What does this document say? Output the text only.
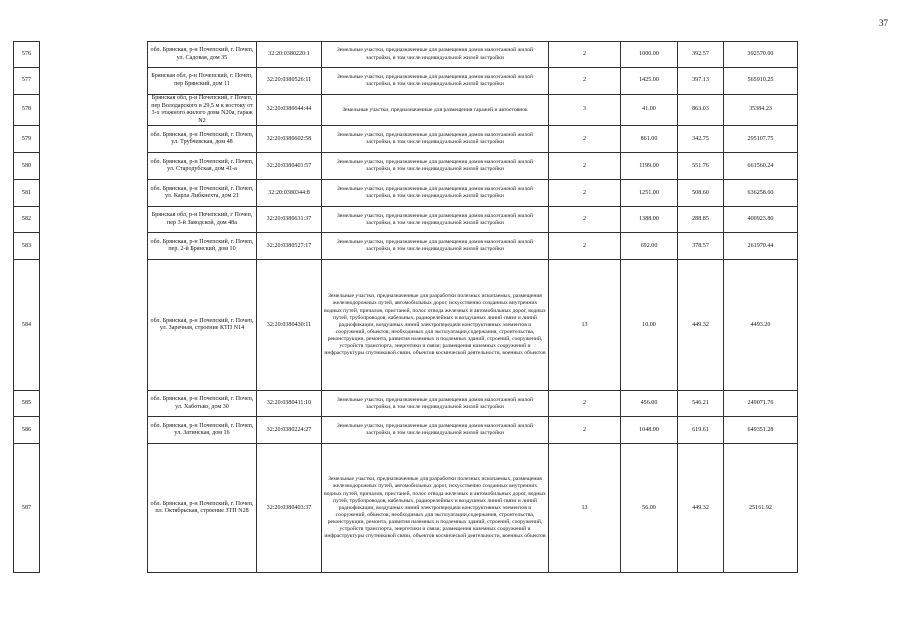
37
576		обл. Брянская, р-н Почепский, г. Почеп, ул. Садовая, дом 35	32:20:0380220:1	Земельные участки, предназначенные для размещения домов малоэтажной жилой застройки, в том числе индивидуальной жилой застройки	2	1000.00	392.57	392570.00
577		Брянская обл, р-н Почепский, г. Почеп, пер Брянский, дом 11	32:20:0380526:11	Земельные участки, предназначенные для размещения домов малоэтажной жилой застройки, в том числе индивидуальной жилой застройки	2	1425.00	397.13	565910.25
578		Брянская обл, р-н Почепский, г Почеп, пер Володарского в 29,5 м к востоку от 3-х этажного жилого дома N20а, гараж N2	32:20:0380644:44	Земельные участки, предназначенные для размещения гаражей и автостоянок	3	41.00	863.03	35384.23
579		обл. Брянская, р-н Почепский, г. Почеп, ул. Трубчевская, дом 48	32:20:0380602:58	Земельные участки, предназначенные для размещения домов малоэтажной жилой застройки, в том числе индивидуальной жилой застройки	2	861.00	342.75	295107.75
580		обл. Брянская, р-н Почепский, г. Почеп, ул. Стародубская, дом 41-а	32:20:0380401:57	Земельные участки, предназначенные для размещения домов малоэтажной жилой застройки, в том числе индивидуальной жилой застройки	2	1199.00	551.76	661560.24
581		обл. Брянская, р-н Почепский, г. Почеп, ул. Карла Либкнехта, дом 21	32:20:0380344:8	Земельные участки, предназначенные для размещения домов малоэтажной жилой застройки, в том числе индивидуальной жилой застройки	2	1251.00	508.60	636258.60
582		Брянская обл, р-н Почепский, г Почеп, пер 3-й Заводской, дом 48а	32:20:0380631:37	Земельные участки, предназначенные для размещения домов малоэтажной жилой застройки, в том числе индивидуальной жилой застройки	2	1388.00	288.85	400923.80
583		обл. Брянская, р-н Почепский, г. Почеп, пер. 2-й Брянский, дом 10	32:20:0380527:17	Земельные участки, предназначенные для размещения домов малоэтажной жилой застройки, в том числе индивидуальной жилой застройки	2	692.00	378.57	261970.44
584		обл. Брянская, р-н Почепский, г. Почеп, ул. Заречная, строение КТП N14	32:20:0380430:11	Земельные участки, предназначенные для разработки полезных ископаемых, размещения железнодорожных путей, автомобильных дорог, искусственно созданных внутренних водных путей, причалов, пристаней, полос отвода железных и автомобильных дорог, водных путей, трубопроводов, кабельных, радиорелейных и воздушных линий связи и линий радиофикации, воздушных линий электропередачи конструктивных элементов и сооружений, объектов, необходимых для эксплуатации,содержания, строительства, реконструкции, ремонта, развития наземных и подземных зданий, строений, сооружений, устройств транспорта, энергетики и связи; размещения наземных сооружений и инфраструктуры спутниковой связи, объектов космической деятельности, военных объектов	13	10.00	449.32	4493.20
585		обл. Брянская, р-н Почепский, г. Почеп, ул. Хаботько, дом 30	32:20:0380411:10	Земельные участки, предназначенные для размещения домов малоэтажной жилой застройки, в том числе индивидуальной жилой застройки	2	456.00	546.21	249071.76
586		обл. Брянская, р-н Почепский, г. Почеп, ул. Затинская, дом 16	32:20:0380224:27	Земельные участки, предназначенные для размещения домов малоэтажной жилой застройки, в том числе индивидуальной жилой застройки	2	1048.00	619.61	649351.28
587		обл. Брянская, р-н Почепский, г. Почеп, пл. Октябрьская, строение ЗТП N28	32:20:0380403:37	Земельные участки, предназначенные для разработки полезных ископаемых, размещения железнодорожных путей, автомобильных дорог, искусственно созданных внутренних водных путей, причалов, пристаней, полос отвода железных и автомобильных дорог, водных путей, трубопроводов, кабельных, радиорелейных и воздушных линий связи и линий радиофикации, воздушных линий электропередачи конструктивных элементов и сооружений, объектов, необходимых для эксплуатации,содержания, строительства, реконструкции, ремонта, развития наземных и подземных зданий, строений, сооружений, устройств транспорта, энергетики и связи; размещения наземных сооружений и инфраструктуры спутниковой связи, объектов космической деятельности, военных объектов	13	56.00	449.32	25161.92
